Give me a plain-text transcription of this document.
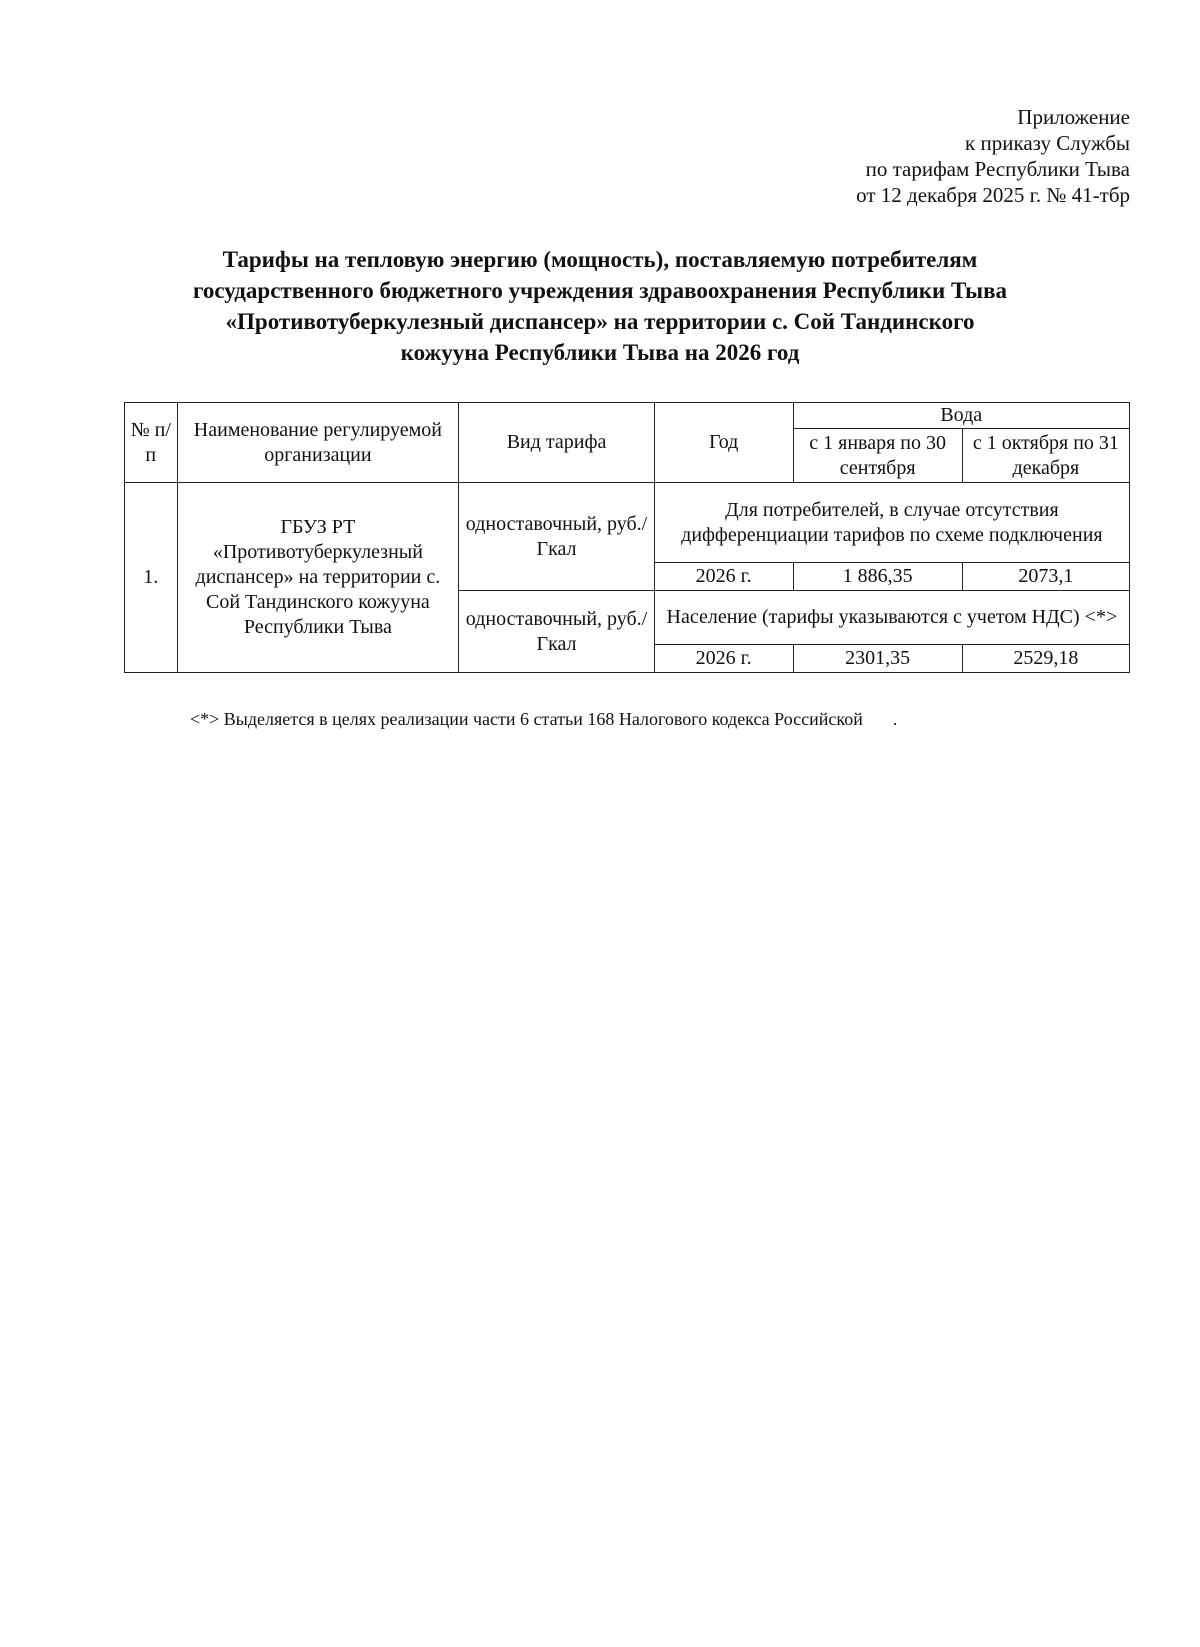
Приложение
к приказу Службы
по тарифам Республики Тыва
от 12 декабря 2025 г. № 41-тбр
Тарифы на тепловую энергию (мощность), поставляемую потребителям
государственного бюджетного учреждения здравоохранения Республики Тыва
«Противотуберкулезный диспансер» на территории с. Сой Тандинского
кожууна Республики Тыва на 2026 год
№ п/п	Наименование регулируемой организации	Вид тарифа	Год	Вода	
				с 1 января по 30 сентября	с 1 октября по 31 декабря
1.	ГБУЗ РТ «Противотуберкулезный диспансер» на территории с. Сой Тандинского кожууна Республики Тыва	одноставочный, руб./Гкал	Для потребителей, в случае отсутствия дифференциации тарифов по схеме подключения		
			2026 г.	1 886,35	2073,1
		одноставочный, руб./Гкал	Население (тарифы указываются с учетом НДС) <*>		
			2026 г.	2301,35	2529,18
<*> Выделяется в целях реализации части 6 статьи 168 Налогового кодекса Российской .
